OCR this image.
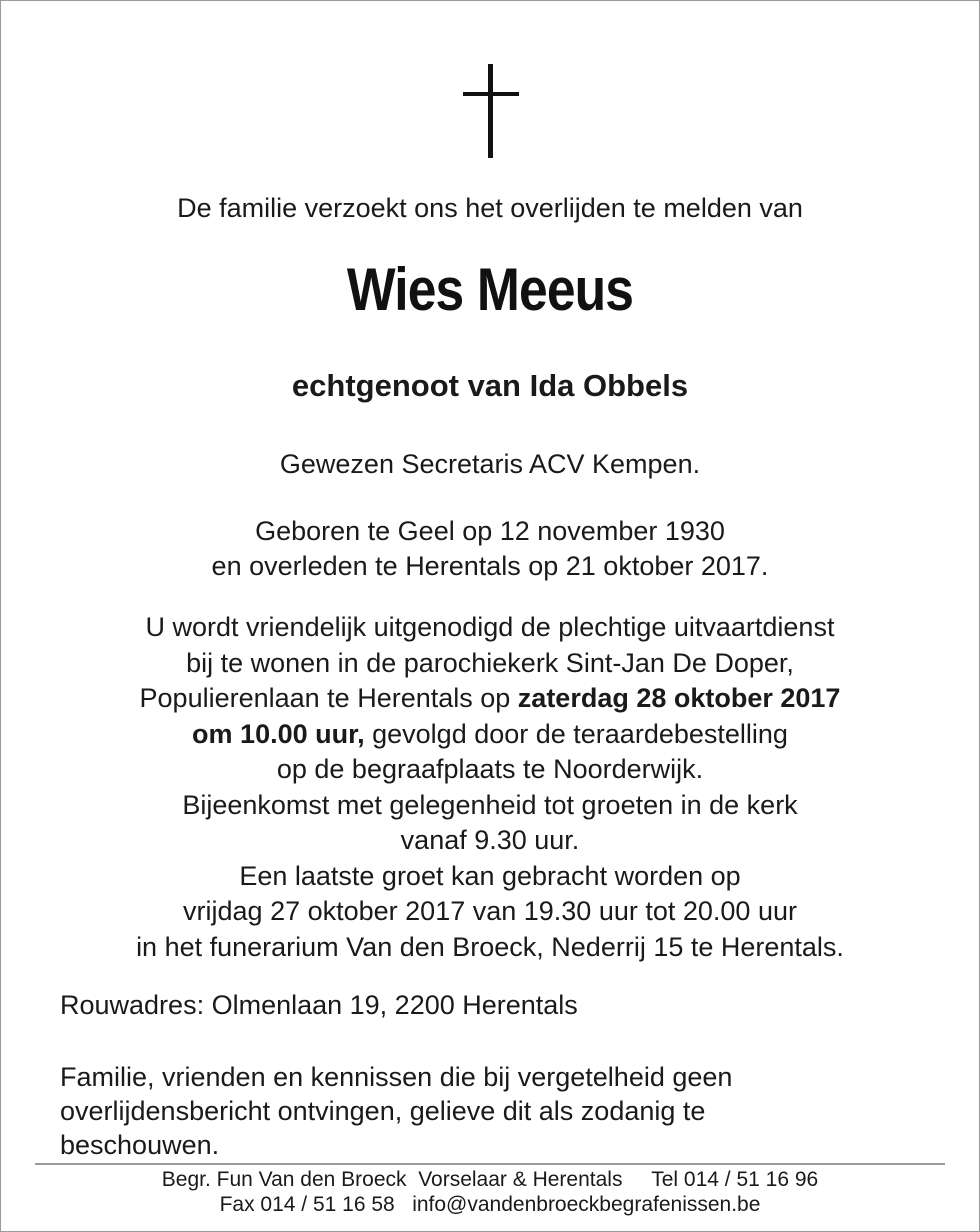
De familie verzoekt ons het overlijden te melden van
Wies Meeus
echtgenoot van Ida Obbels
Gewezen Secretaris ACV Kempen.
Geboren te Geel op 12 november 1930
en overleden te Herentals op 21 oktober 2017.
U wordt vriendelijk uitgenodigd de plechtige uitvaartdienst
bij te wonen in de parochiekerk Sint-Jan De Doper,
Populierenlaan te Herentals op zaterdag 28 oktober 2017
om 10.00 uur, gevolgd door de teraardebestelling
op de begraafplaats te Noorderwijk.
Bijeenkomst met gelegenheid tot groeten in de kerk
vanaf 9.30 uur.
Een laatste groet kan gebracht worden op
vrijdag 27 oktober 2017 van 19.30 uur tot 20.00 uur
in het funerarium Van den Broeck, Nederrij 15 te Herentals.
Rouwadres: Olmenlaan 19, 2200 Herentals
Familie, vrienden en kennissen die bij vergetelheid geen
overlijdensbericht ontvingen, gelieve dit als zodanig te
beschouwen.
Begr. Fun Van den Broeck  Vorselaar & Herentals     Tel 014 / 51 16 96
Fax 014 / 51 16 58   info@vandenbroeckbegrafenissen.be
